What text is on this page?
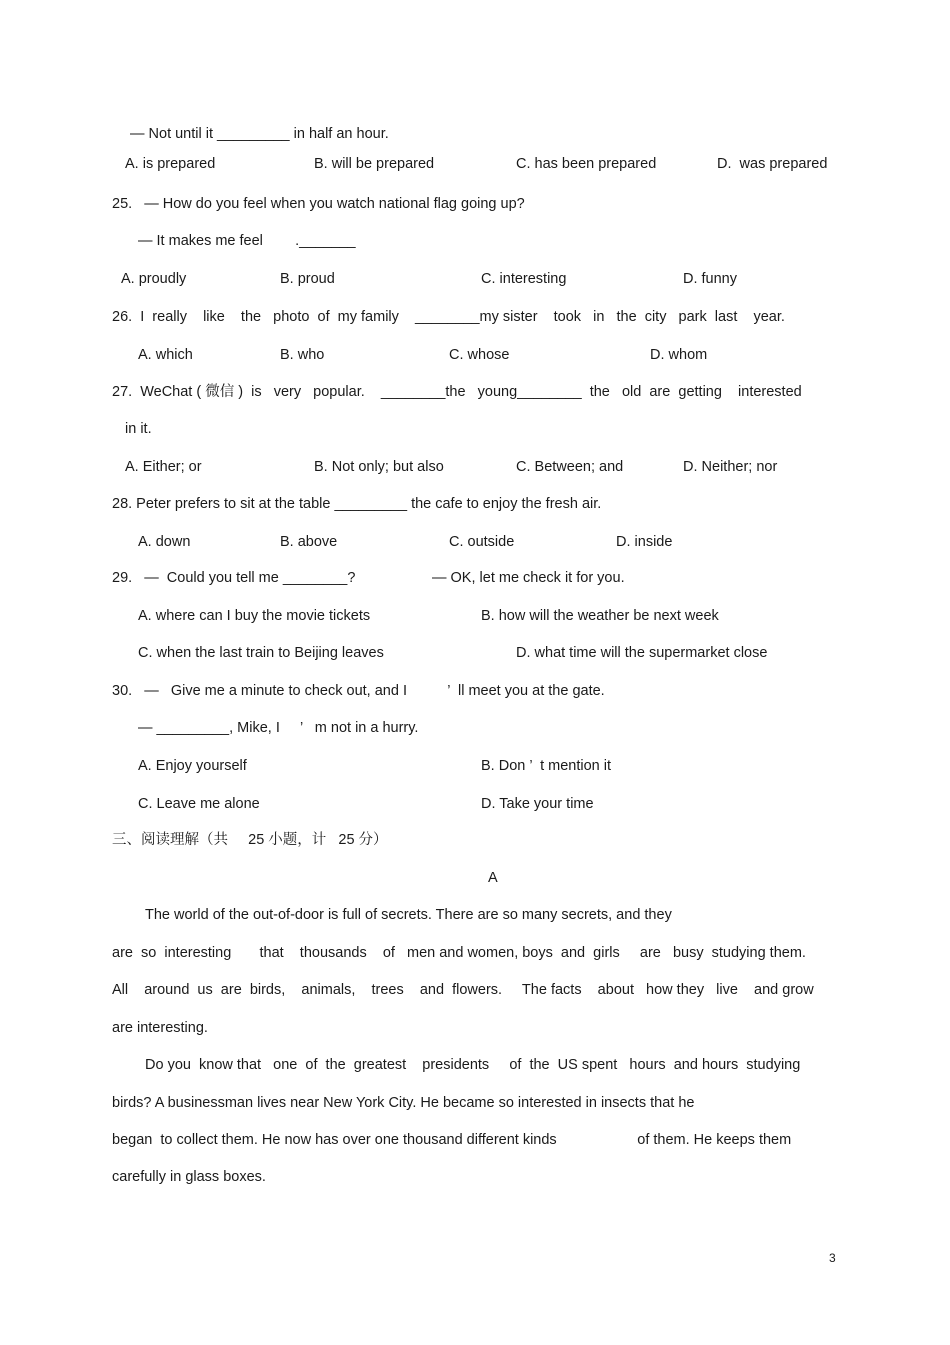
— Not until it _________ in half an hour.
A. is prepared	B. will be prepared	C. has been prepared	D.  was prepared
25.   — How do you feel when you watch national flag going up?
— It makes me feel        ._______
A. proudly	B. proud	C. interesting	D. funny
26.  I  really    like    the   photo  of  my family    ________my sister    took   in   the  city   park  last    year.
A. which	B. who	C. whose	D. whom
27.  WeChat ( 微信 )  is   very   popular.    ________the   young________  the   old  are  getting    interested
in it.
A. Either; or	B. Not only; but also	C. Between; and	D. Neither; nor
28. Peter prefers to sit at the table _________ the cafe to enjoy the fresh air.
A. down	B. above	C. outside	D. inside
29.   —  Could you tell me ________?	— OK, let me check it for you.
A. where can I buy the movie tickets	B. how will the weather be next week
C. when the last train to Beijing leaves	D. what time will the supermarket close
30.   —   Give me a minute to check out, and I          ’  ll meet you at the gate.
— _________, Mike, I     ’   m not in a hurry.
A. Enjoy yourself	B. Don ’  t mention it
C. Leave me alone	D. Take your time
三、阅读理解（共     25 小题，计   25 分）
A
The world of the out-of-door is full of secrets. There are so many secrets, and they
are  so  interesting       that    thousands    of   men and women, boys  and  girls     are   busy  studying them.
All    around  us  are  birds,    animals,    trees    and  flowers.     The facts    about   how they   live    and grow
are interesting.
Do you  know that   one  of  the  greatest    presidents     of  the  US spent   hours  and hours  studying
birds? A businessman lives near New York City. He became so interested in insects that he
began  to collect them. He now has over one thousand different kinds                    of them. He keeps them
carefully in glass boxes.
3
